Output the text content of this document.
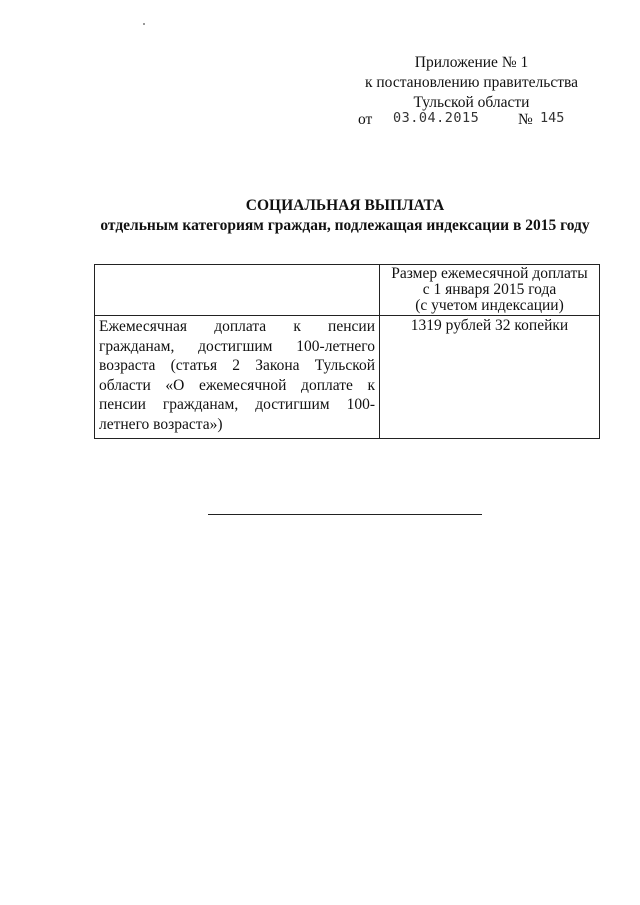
Приложение № 1
к постановлению правительства
Тульской области
от 03.04.2015 № 145
СОЦИАЛЬНАЯ ВЫПЛАТА
отдельным категориям граждан, подлежащая индексации в 2015 году

	Размер ежемесячной доплаты
с 1 января 2015 года
(с учетом индексации)

Ежемесячная доплата к пенсии гражданам, достигшим 100-летнего возраста (статья 2 Закона Тульской области «О ежемесячной доплате к пенсии гражданам, достигшим 100-летнего возраста»)	1319 рублей 32 копейки
